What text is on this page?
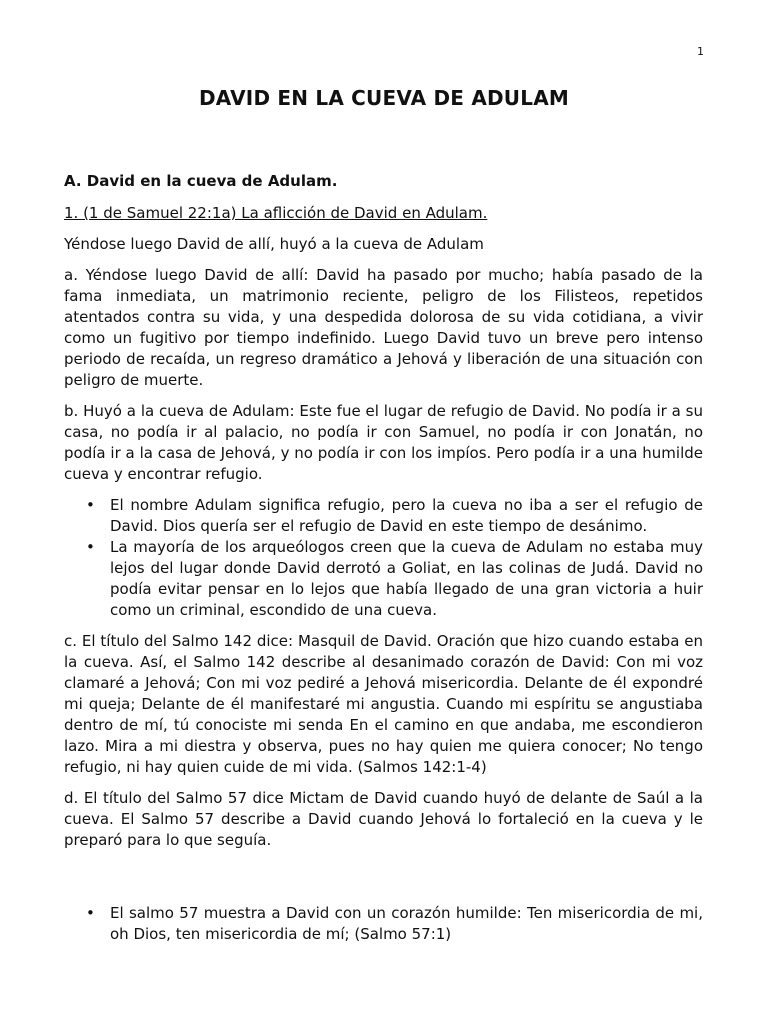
1
DAVID EN LA CUEVA DE ADULAM

A. David en la cueva de Adulam.

1. (1 de Samuel 22:1a) La aflicción de David en Adulam.

Yéndose luego David de allí, huyó a la cueva de Adulam

a. Yéndose luego David de allí: David ha pasado por mucho; había pasado de la fama inmediata, un matrimonio reciente, peligro de los Filisteos, repetidos atentados contra su vida, y una despedida dolorosa de su vida cotidiana, a vivir como un fugitivo por tiempo indefinido. Luego David tuvo un breve pero intenso periodo de recaída, un regreso dramático a Jehová y liberación de una situación con peligro de muerte.

b. Huyó a la cueva de Adulam: Este fue el lugar de refugio de David. No podía ir a su casa, no podía ir al palacio, no podía ir con Samuel, no podía ir con Jonatán, no podía ir a la casa de Jehová, y no podía ir con los impíos. Pero podía ir a una humilde cueva y encontrar refugio.

• El nombre Adulam significa refugio, pero la cueva no iba a ser el refugio de David. Dios quería ser el refugio de David en este tiempo de desánimo.
• La mayoría de los arqueólogos creen que la cueva de Adulam no estaba muy lejos del lugar donde David derrotó a Goliat, en las colinas de Judá. David no podía evitar pensar en lo lejos que había llegado de una gran victoria a huir como un criminal, escondido de una cueva.

c. El título del Salmo 142 dice: Masquil de David. Oración que hizo cuando estaba en la cueva. Así, el Salmo 142 describe al desanimado corazón de David: Con mi voz clamaré a Jehová; Con mi voz pediré a Jehová misericordia. Delante de él expondré mi queja; Delante de él manifestaré mi angustia. Cuando mi espíritu se angustiaba dentro de mí, tú conociste mi senda En el camino en que andaba, me escondieron lazo. Mira a mi diestra y observa, pues no hay quien me quiera conocer; No tengo refugio, ni hay quien cuide de mi vida. (Salmos 142:1-4)

d. El título del Salmo 57 dice Mictam de David cuando huyó de delante de Saúl a la cueva. El Salmo 57 describe a David cuando Jehová lo fortaleció en la cueva y le preparó para lo que seguía.

• El salmo 57 muestra a David con un corazón humilde: Ten misericordia de mi, oh Dios, ten misericordia de mí; (Salmo 57:1)
